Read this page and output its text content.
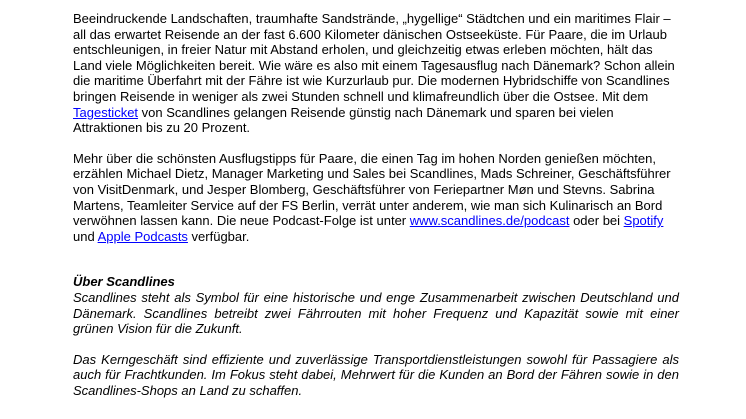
Beeindruckende Landschaften, traumhafte Sandstrände, „hygellige“ Städtchen und ein maritimes Flair – all das erwartet Reisende an der fast 6.600 Kilometer dänischen Ostseeküste. Für Paare, die im Urlaub entschleunigen, in freier Natur mit Abstand erholen, und gleichzeitig etwas erleben möchten, hält das Land viele Möglichkeiten bereit. Wie wäre es also mit einem Tagesausflug nach Dänemark? Schon allein die maritime Überfahrt mit der Fähre ist wie Kurzurlaub pur. Die modernen Hybridschiffe von Scandlines bringen Reisende in weniger als zwei Stunden schnell und klimafreundlich über die Ostsee. Mit dem Tagesticket von Scandlines gelangen Reisende günstig nach Dänemark und sparen bei vielen Attraktionen bis zu 20 Prozent.

Mehr über die schönsten Ausflugstipps für Paare, die einen Tag im hohen Norden genießen möchten, erzählen Michael Dietz, Manager Marketing und Sales bei Scandlines, Mads Schreiner, Geschäftsführer von VisitDenmark, und Jesper Blomberg, Geschäftsführer von Feriepartner Møn und Stevns. Sabrina Martens, Teamleiter Service auf der FS Berlin, verrät unter anderem, wie man sich Kulinarisch an Bord verwöhnen lassen kann. Die neue Podcast-Folge ist unter www.scandlines.de/podcast oder bei Spotify und Apple Podcasts verfügbar.

Über Scandlines

Scandlines steht als Symbol für eine historische und enge Zusammenarbeit zwischen Deutschland und Dänemark. Scandlines betreibt zwei Fährrouten mit hoher Frequenz und Kapazität sowie mit einer grünen Vision für die Zukunft.

Das Kerngeschäft sind effiziente und zuverlässige Transportdienstleistungen sowohl für Passagiere als auch für Frachtkunden. Im Fokus steht dabei, Mehrwert für die Kunden an Bord der Fähren sowie in den Scandlines-Shops an Land zu schaffen.
